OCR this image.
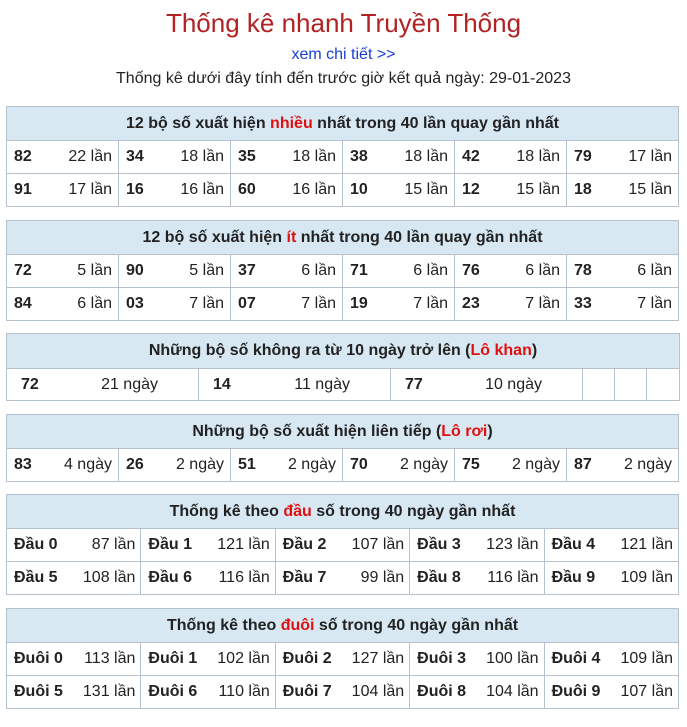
Thống kê nhanh Truyền Thống
xem chi tiết >>
Thống kê dưới đây tính đến trước giờ kết quả ngày: 29-01-2023
12 bộ số xuất hiện nhiều nhất trong 40 lần quay gần nhất					
82 22 lần	34 18 lần	35 18 lần	38 18 lần	42 18 lần	79 17 lần

91 17 lần	16 16 lần	60 16 lần	10 15 lần	12 15 lần	18 15 lần
12 bộ số xuất hiện ít nhất trong 40 lần quay gần nhất					
72 5 lần	90 5 lần	37 6 lần	71 6 lần	76 6 lần	78 6 lần

84 6 lần	03 7 lần	07 7 lần	19 7 lần	23 7 lần	33 7 lần
Những bộ số không ra từ 10 ngày trở lên (Lô khan)
72	21 ngày	14	11 ngày	77	10 ngày

Những bộ số xuất hiện liên tiếp (Lô rơi)
83 4 ngày	26 2 ngày	51 2 ngày	70 2 ngày	75 2 ngày	87 2 ngày
Thống kê theo đầu số trong 40 ngày gần nhất				
Đầu 0 87 lần	Đầu 1 121 lần	Đầu 2 107 lần	Đầu 3 123 lần	Đầu 4 121 lần

Đầu 5 108 lần	Đầu 6 116 lần	Đầu 7 99 lần	Đầu 8 116 lần	Đầu 9 109 lần
Thống kê theo đuôi số trong 40 ngày gần nhất				
Đuôi 0 113 lần	Đuôi 1 102 lần	Đuôi 2 127 lần	Đuôi 3 100 lần	Đuôi 4 109 lần

Đuôi 5 131 lần	Đuôi 6 110 lần	Đuôi 7 104 lần	Đuôi 8 104 lần	Đuôi 9 107 lần
